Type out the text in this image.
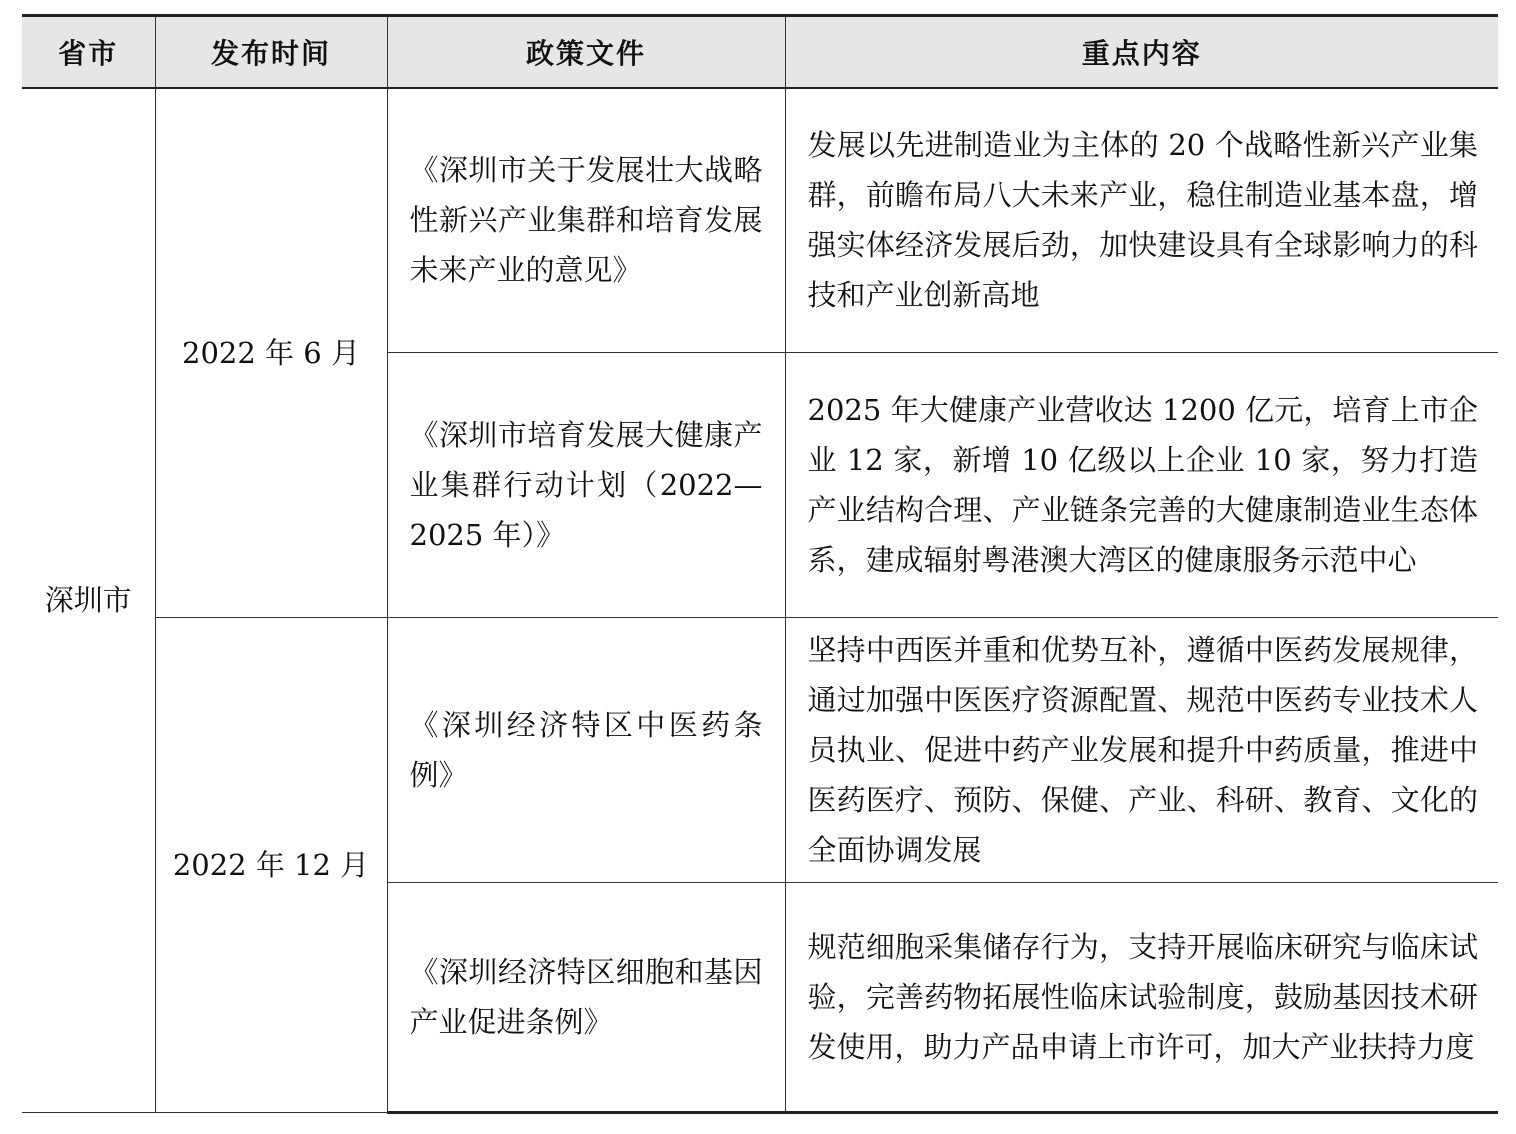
省市	发布时间	政策文件	重点内容
深圳市	2022 年 6 月	《深圳市关于发展壮大战略性新兴产业集群和培育发展未来产业的意见》	发展以先进制造业为主体的 20 个战略性新兴产业集群，前瞻布局八大未来产业，稳住制造业基本盘，增强实体经济发展后劲，加快建设具有全球影响力的科技和产业创新高地
		《深圳市培育发展大健康产业集群行动计划（2022—2025 年）》	2025 年大健康产业营收达 1200 亿元，培育上市企业 12 家，新增 10 亿级以上企业 10 家，努力打造产业结构合理、产业链条完善的大健康制造业生态体系，建成辐射粤港澳大湾区的健康服务示范中心
	2022 年 12 月	《深圳经济特区中医药条例》	坚持中西医并重和优势互补，遵循中医药发展规律，通过加强中医医疗资源配置、规范中医药专业技术人员执业、促进中药产业发展和提升中药质量，推进中医药医疗、预防、保健、产业、科研、教育、文化的全面协调发展
		《深圳经济特区细胞和基因产业促进条例》	规范细胞采集储存行为，支持开展临床研究与临床试验，完善药物拓展性临床试验制度，鼓励基因技术研发使用，助力产品申请上市许可，加大产业扶持力度
